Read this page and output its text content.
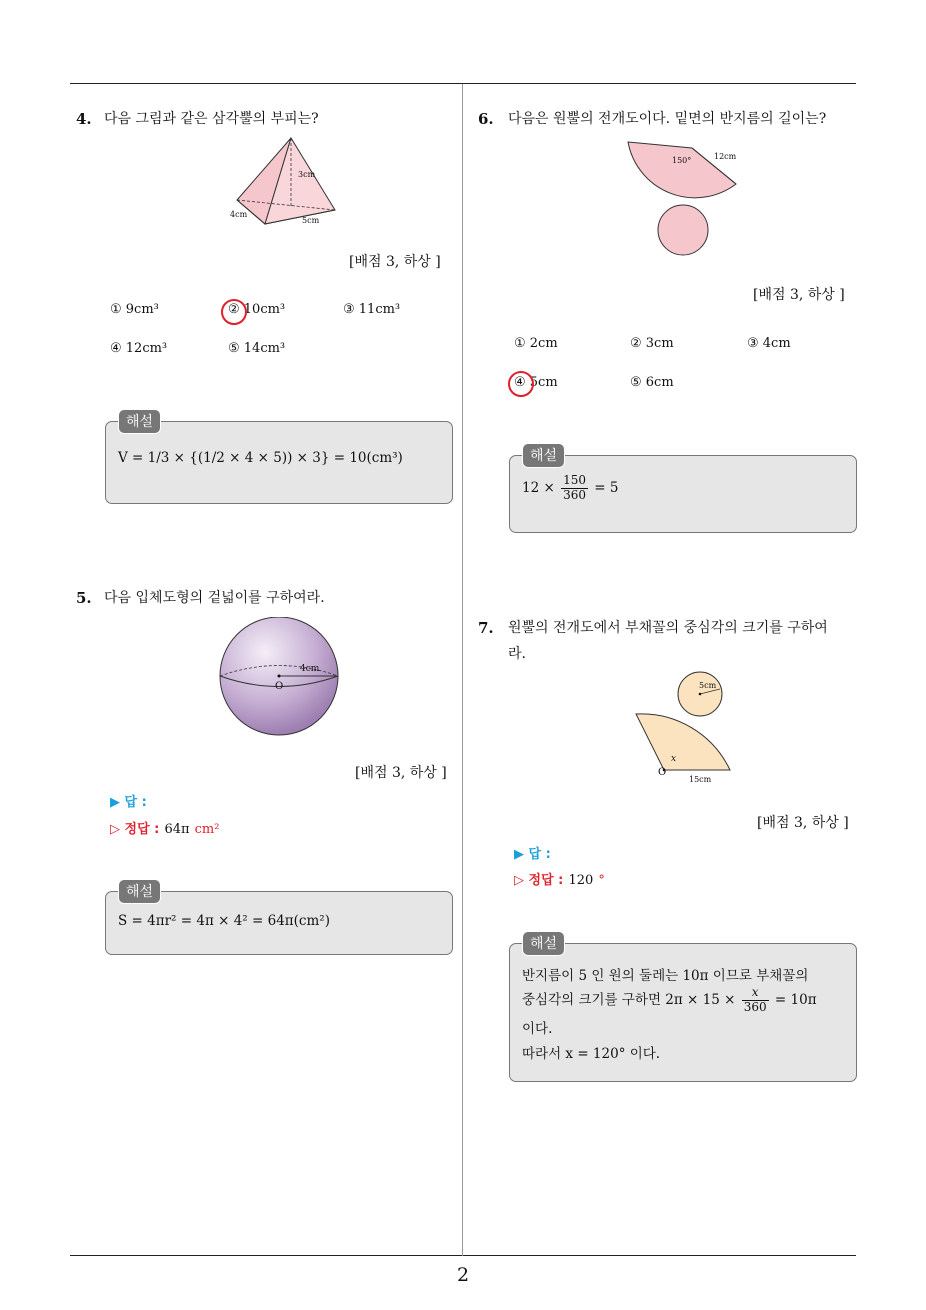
2
4. 다음 그림과 같은 삼각뿔의 부피는?
3cm
4cm
5cm
[배점 3, 하상 ]
① 9cm³	② 10cm³	③ 11cm³
④ 12cm³	⑤ 14cm³
V = 1/3 × {(1/2 × 4 × 5)) × 3} = 10(cm³)
해설
5. 다음 입체도형의 겉넓이를 구하여라.
4cm
O
[배점 3, 하상 ]
▶ 답 :
▷ 정답 : 64π cm²
S = 4πr² = 4π × 4² = 64π(cm²)
해설
6. 다음은 원뿔의 전개도이다. 밑면의 반지름의 길이는?
150°	12cm
[배점 3, 하상 ]
① 2cm	② 3cm	③ 4cm
④ 5cm	⑤ 6cm
$12 \times \frac{150}{360} = 5$
해설
7. 원뿔의 전개도에서 부채꼴의 중심각의 크기를 구하여
라.
5cm
x
O
15cm
[배점 3, 하상 ]
▶ 답 :
▷ 정답 : 120 °
반지름이 5 인 원의 둘레는 10π 이므로 부채꼴의
중심각의 크기를 구하면 $2\pi \times 15 \times \frac{x}{360} = 10\pi$
이다.
따라서 x = 120° 이다.
해설
